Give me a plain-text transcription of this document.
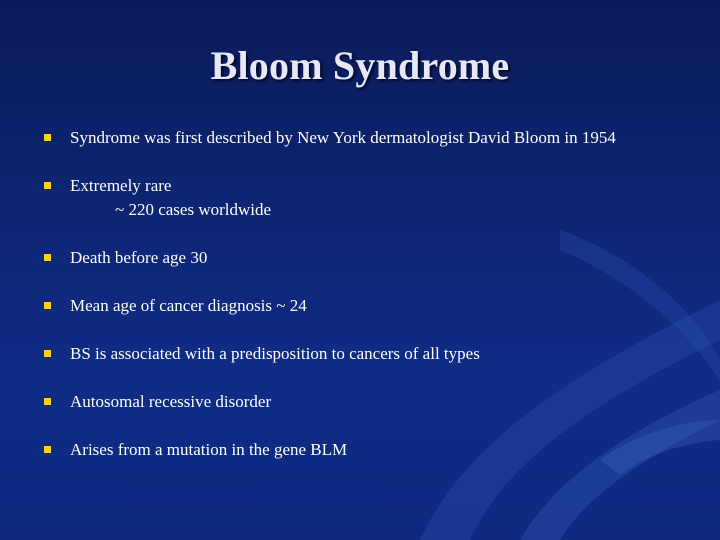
Bloom Syndrome
Syndrome was first described by New York dermatologist David Bloom in 1954
Extremely rare
~ 220 cases worldwide
Death before age 30
Mean age of cancer diagnosis ~ 24
BS is associated with a predisposition to cancers of all types
Autosomal recessive disorder
Arises from a mutation in the gene BLM
